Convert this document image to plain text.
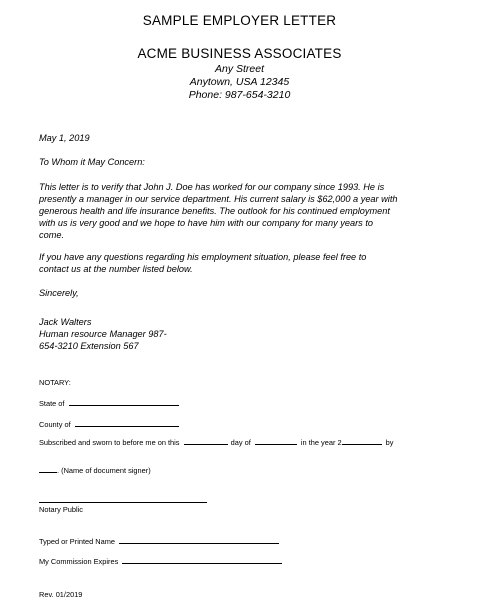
SAMPLE EMPLOYER LETTER
ACME BUSINESS ASSOCIATES
Any Street
Anytown, USA 12345
Phone: 987-654-3210
May 1, 2019
To Whom it May Concern:
This letter is to verify that John J. Doe has worked for our company since 1993. He is
presently a manager in our service department. His current salary is $62,000 a year with
generous health and life insurance benefits. The outlook for his continued employment
with us is very good and we hope to have him with our company for many years to
come.
If you have any questions regarding his employment situation, please feel free to
contact us at the number listed below.
Sincerely,
Jack Walters
Human resource Manager 987-
654-3210 Extension 567
NOTARY:
State of
County of
Subscribed and sworn to before me on this	day of	in the year 2	by
. (Name of document signer)
Notary Public
Typed or Printed Name
My Commission Expires
Rev. 01/2019
